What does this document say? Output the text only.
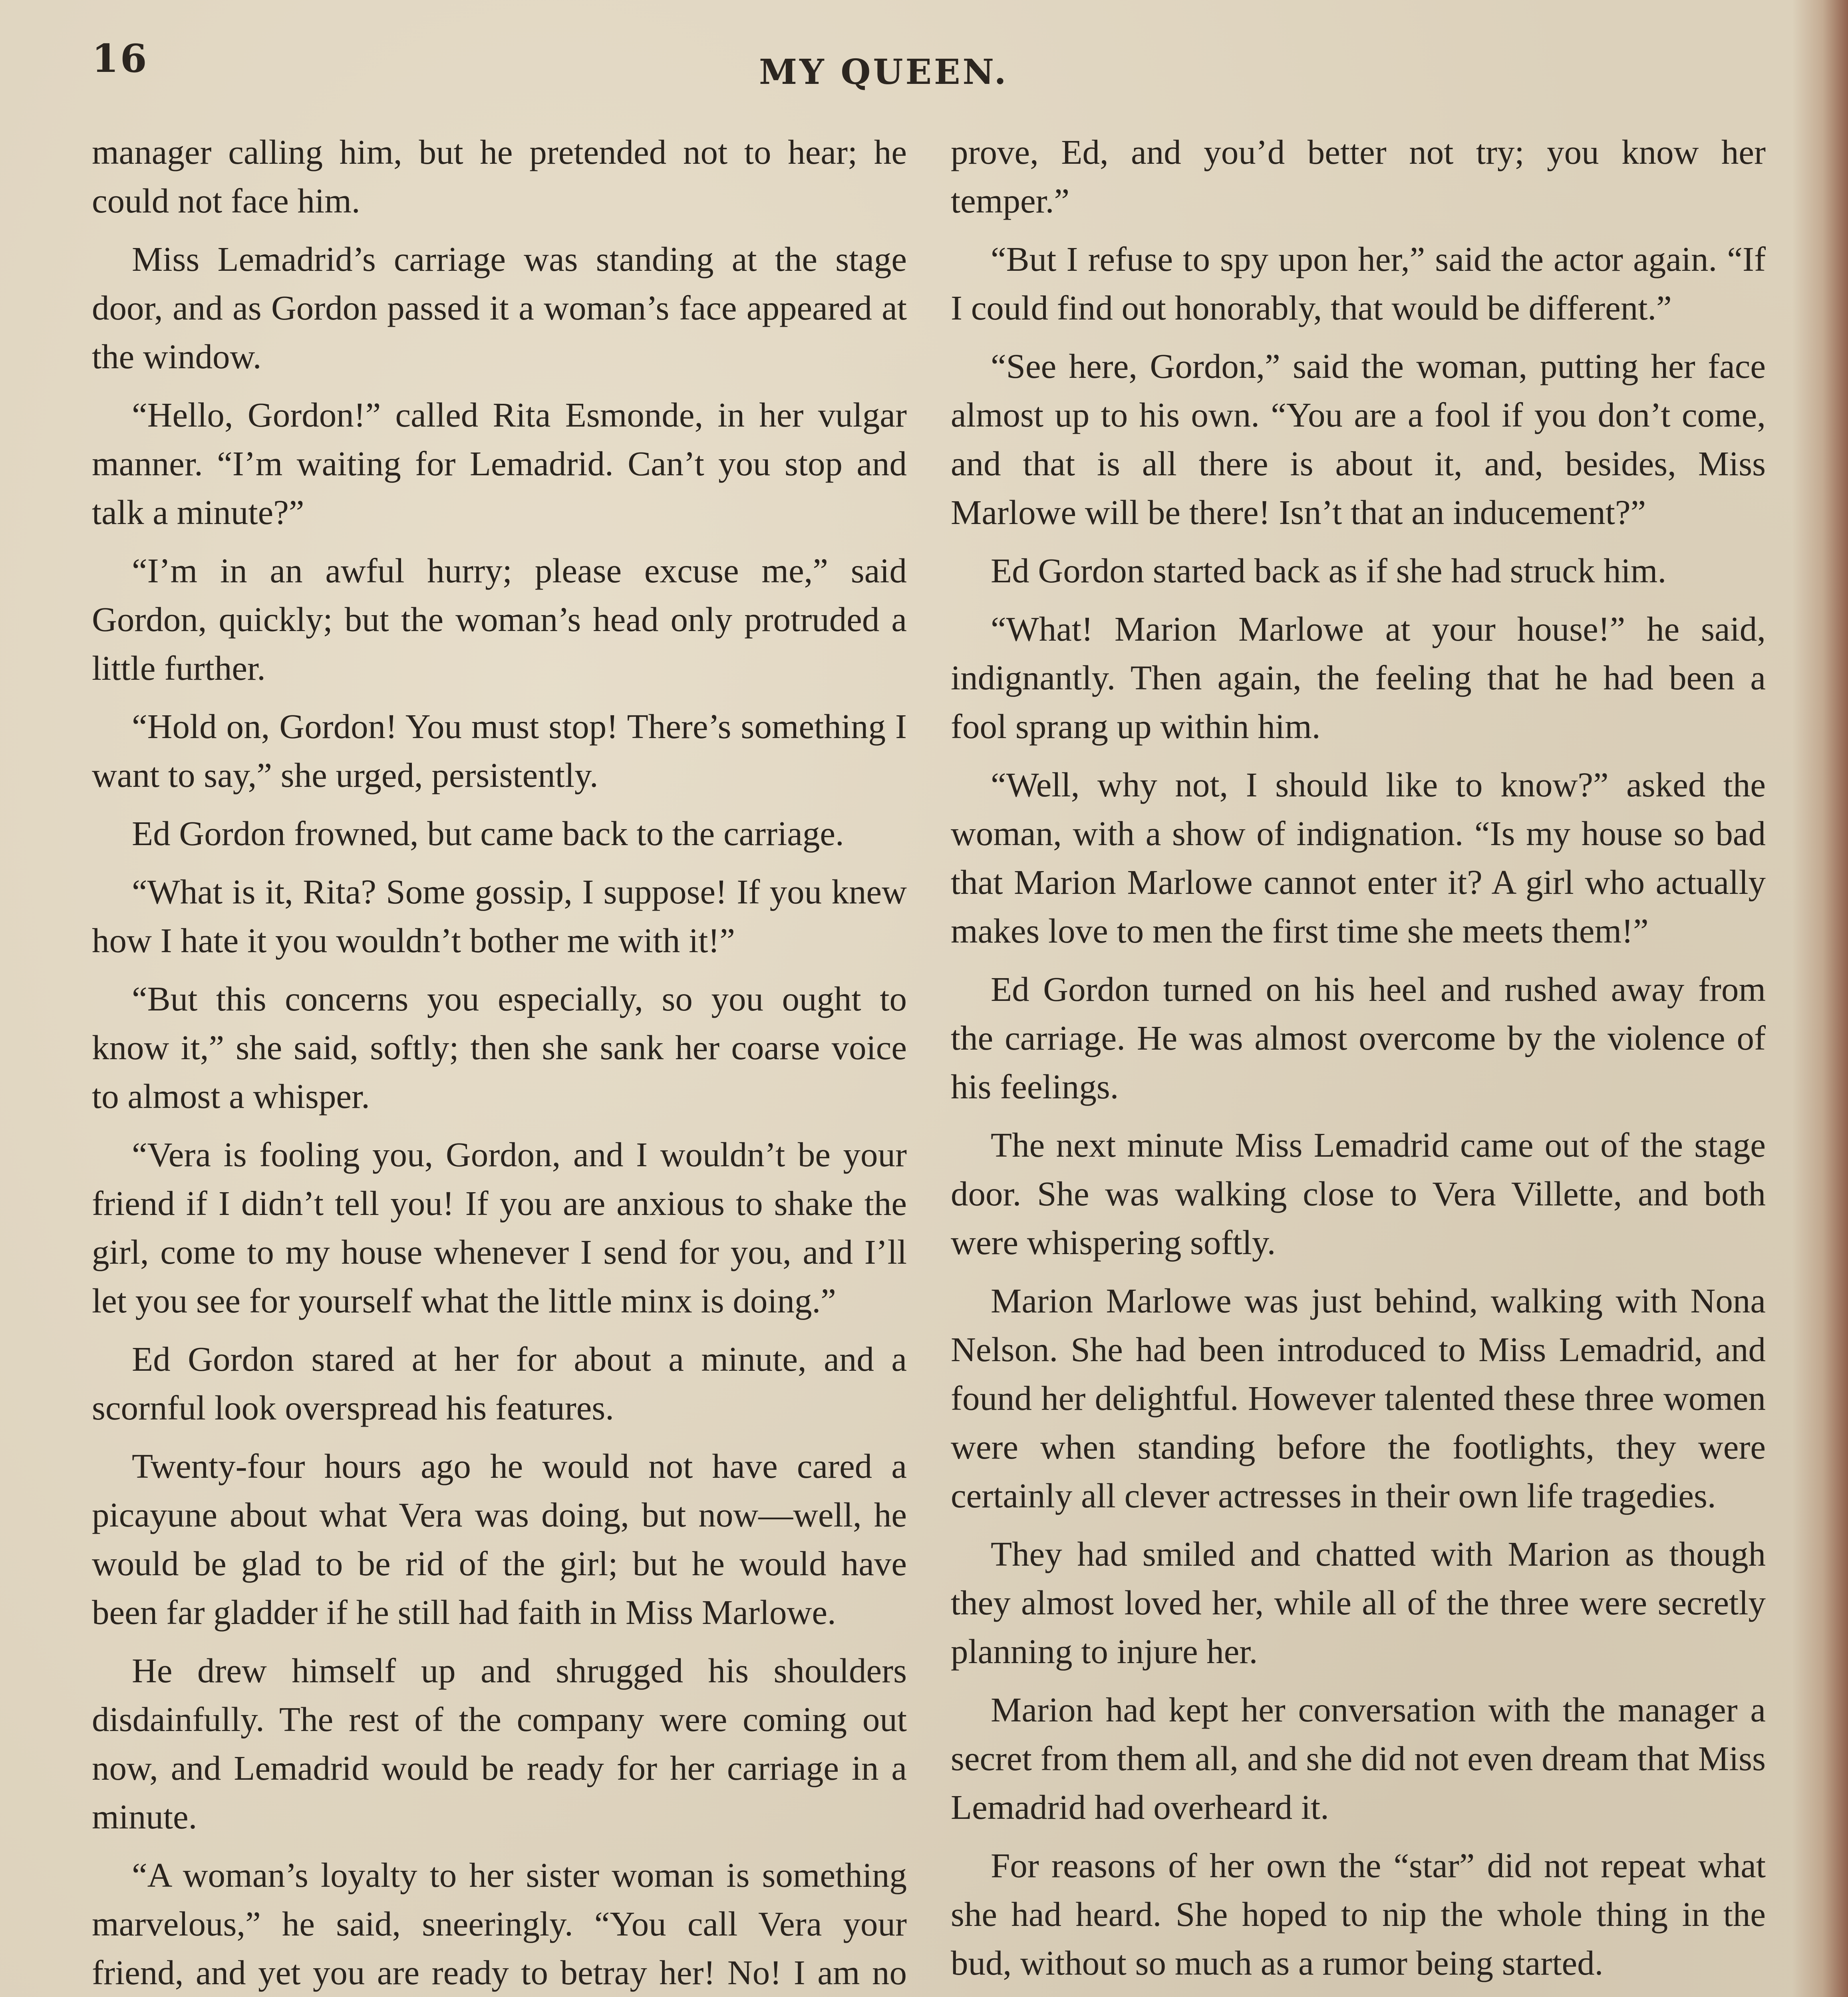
16	MY QUEEN.

manager calling him, but he pretended not to hear; he could not face him.

Miss Lemadrid’s carriage was standing at the stage door, and as Gordon passed it a woman’s face appeared at the window.

“Hello, Gordon!” called Rita Esmonde, in her vulgar manner. “I’m waiting for Lemadrid. Can’t you stop and talk a minute?”

“I’m in an awful hurry; please excuse me,” said Gordon, quickly; but the woman’s head only protruded a little further.

“Hold on, Gordon! You must stop! There’s something I want to say,” she urged, persistently.

Ed Gordon frowned, but came back to the carriage.

“What is it, Rita? Some gossip, I suppose! If you knew how I hate it you wouldn’t bother me with it!”

“But this concerns you especially, so you ought to know it,” she said, softly; then she sank her coarse voice to almost a whisper.

“Vera is fooling you, Gordon, and I wouldn’t be your friend if I didn’t tell you! If you are anxious to shake the girl, come to my house whenever I send for you, and I’ll let you see for yourself what the little minx is doing.”

Ed Gordon stared at her for about a minute, and a scornful look overspread his features.

Twenty-four hours ago he would not have cared a picayune about what Vera was doing, but now—well, he would be glad to be rid of the girl; but he would have been far gladder if he still had faith in Miss Marlowe.

He drew himself up and shrugged his shoulders disdainfully. The rest of the company were coming out now, and Lemadrid would be ready for her carriage in a minute.

“A woman’s loyalty to her sister woman is something marvelous,” he said, sneeringly. “You call Vera your friend, and yet you are ready to betray her! No! I am no

prove, Ed, and you’d better not try; you know her temper.”

“But I refuse to spy upon her,” said the actor again. “If I could find out honorably, that would be different.”

“See here, Gordon,” said the woman, putting her face almost up to his own. “You are a fool if you don’t come, and that is all there is about it, and, besides, Miss Marlowe will be there! Isn’t that an inducement?”

Ed Gordon started back as if she had struck him.

“What! Marion Marlowe at your house!” he said, indignantly. Then again, the feeling that he had been a fool sprang up within him.

“Well, why not, I should like to know?” asked the woman, with a show of indignation. “Is my house so bad that Marion Marlowe cannot enter it? A girl who actually makes love to men the first time she meets them!”

Ed Gordon turned on his heel and rushed away from the carriage. He was almost overcome by the violence of his feelings.

The next minute Miss Lemadrid came out of the stage door. She was walking close to Vera Villette, and both were whispering softly.

Marion Marlowe was just behind, walking with Nona Nelson. She had been introduced to Miss Lemadrid, and found her delightful. However talented these three women were when standing before the footlights, they were certainly all clever actresses in their own life tragedies.

They had smiled and chatted with Marion as though they almost loved her, while all of the three were secretly planning to injure her.

Marion had kept her conversation with the manager a secret from them all, and she did not even dream that Miss Lemadrid had overheard it.

For reasons of her own the “star” did not repeat what she had heard. She hoped to nip the whole thing in the bud, without so much as a rumor being started.
